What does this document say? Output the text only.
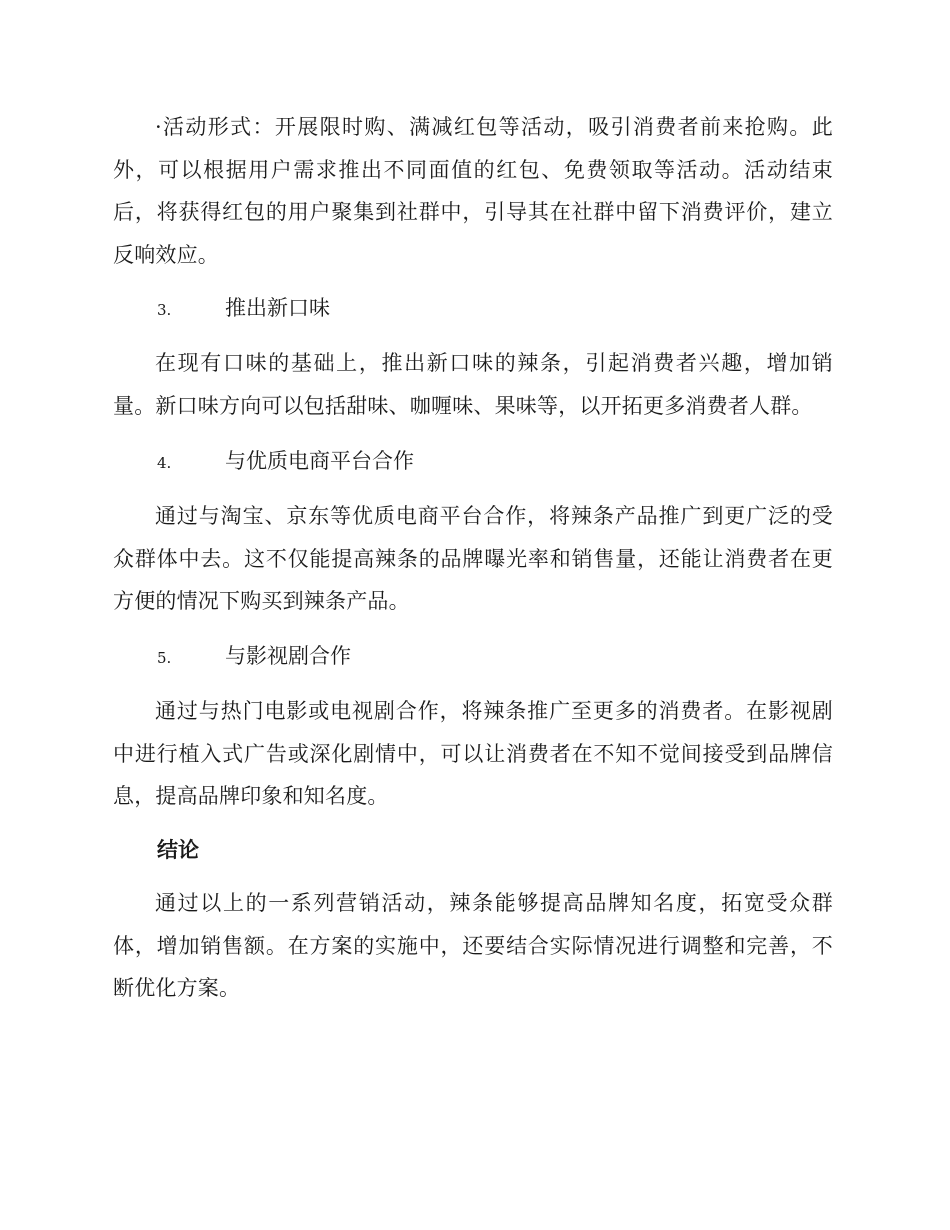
·活动形式：开展限时购、满减红包等活动，吸引消费者前来抢购。此外，可以根据用户需求推出不同面值的红包、免费领取等活动。活动结束后，将获得红包的用户聚集到社群中，引导其在社群中留下消费评价，建立反响效应。

3.	推出新口味

在现有口味的基础上，推出新口味的辣条，引起消费者兴趣，增加销量。新口味方向可以包括甜味、咖喱味、果味等，以开拓更多消费者人群。

4.	与优质电商平台合作

通过与淘宝、京东等优质电商平台合作，将辣条产品推广到更广泛的受众群体中去。这不仅能提高辣条的品牌曝光率和销售量，还能让消费者在更方便的情况下购买到辣条产品。

5.	与影视剧合作

通过与热门电影或电视剧合作，将辣条推广至更多的消费者。在影视剧中进行植入式广告或深化剧情中，可以让消费者在不知不觉间接受到品牌信息，提高品牌印象和知名度。

结论

通过以上的一系列营销活动，辣条能够提高品牌知名度，拓宽受众群体，增加销售额。在方案的实施中，还要结合实际情况进行调整和完善，不断优化方案。
